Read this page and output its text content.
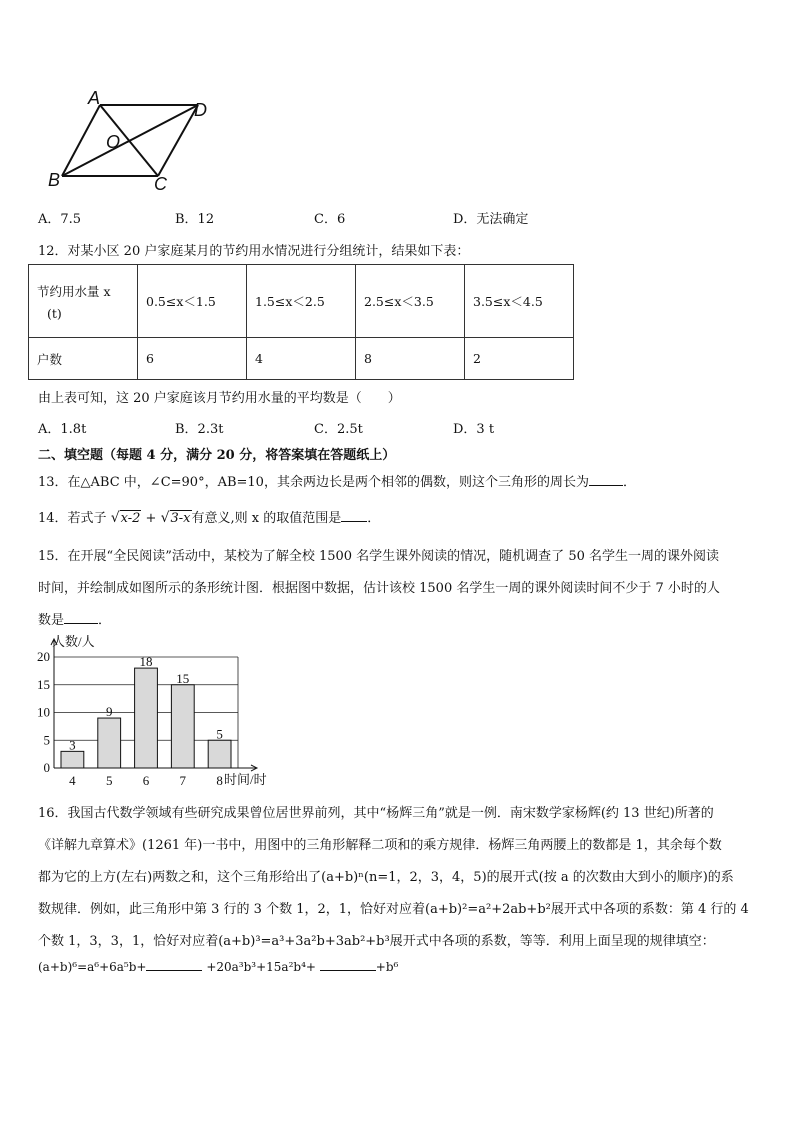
A
D
O
B	C
A．7.5	B．12	C．6	D．无法确定
12．对某小区 20 户家庭某月的节约用水情况进行分组统计，结果如下表：
节约用水量 x
(t)	0.5≤x＜1.5	1.5≤x＜2.5	2.5≤x＜3.5	3.5≤x＜4.5
户数	6	4	8	2
由上表可知，这 20 户家庭该月节约用水量的平均数是（　　）
A．1.8t	B．2.3t	C．2.5t	D．3 t
二、填空题（每题 4 分，满分 20 分，将答案填在答题纸上）
13．在△ABC 中，∠C=90°，AB=10，其余两边长是两个相邻的偶数，则这个三角形的周长为	．
14．若式子 √x-2 + √3-x有意义,则 x 的取值范围是 ．
15．在开展“全民阅读”活动中，某校为了解全校 1500 名学生课外阅读的情况，随机调查了 50 名学生一周的课外阅读
时间，并绘制成如图所示的条形统计图．根据图中数据，估计该校 1500 名学生一周的课外阅读时间不少于 7 小时的人
数是	．
人数/人
时间/时
0
5
10
15
20
3
4
9
5
18
6
15
7
5
8
16．我国古代数学领域有些研究成果曾位居世界前列，其中“杨辉三角”就是一例．南宋数学家杨辉(约 13 世纪)所著的
《详解九章算术》(1261 年)一书中，用图中的三角形解释二项和的乘方规律．杨辉三角两腰上的数都是 1，其余每个数
都为它的上方(左右)两数之和，这个三角形给出了(a+b)ⁿ(n=1，2，3，4，5)的展开式(按 a 的次数由大到小的顺序)的系
数规律．例如，此三角形中第 3 行的 3 个数 1，2，1，恰好对应着(a+b)²=a²+2ab+b²展开式中各项的系数：第 4 行的 4
个数 1，3，3，1，恰好对应着(a+b)³=a³+3a²b+3ab²+b³展开式中各项的系数，等等．利用上面呈现的规律填空：
(a+b)⁶=a⁶+6a⁵b+	+20a³b³+15a²b⁴+	+b⁶
